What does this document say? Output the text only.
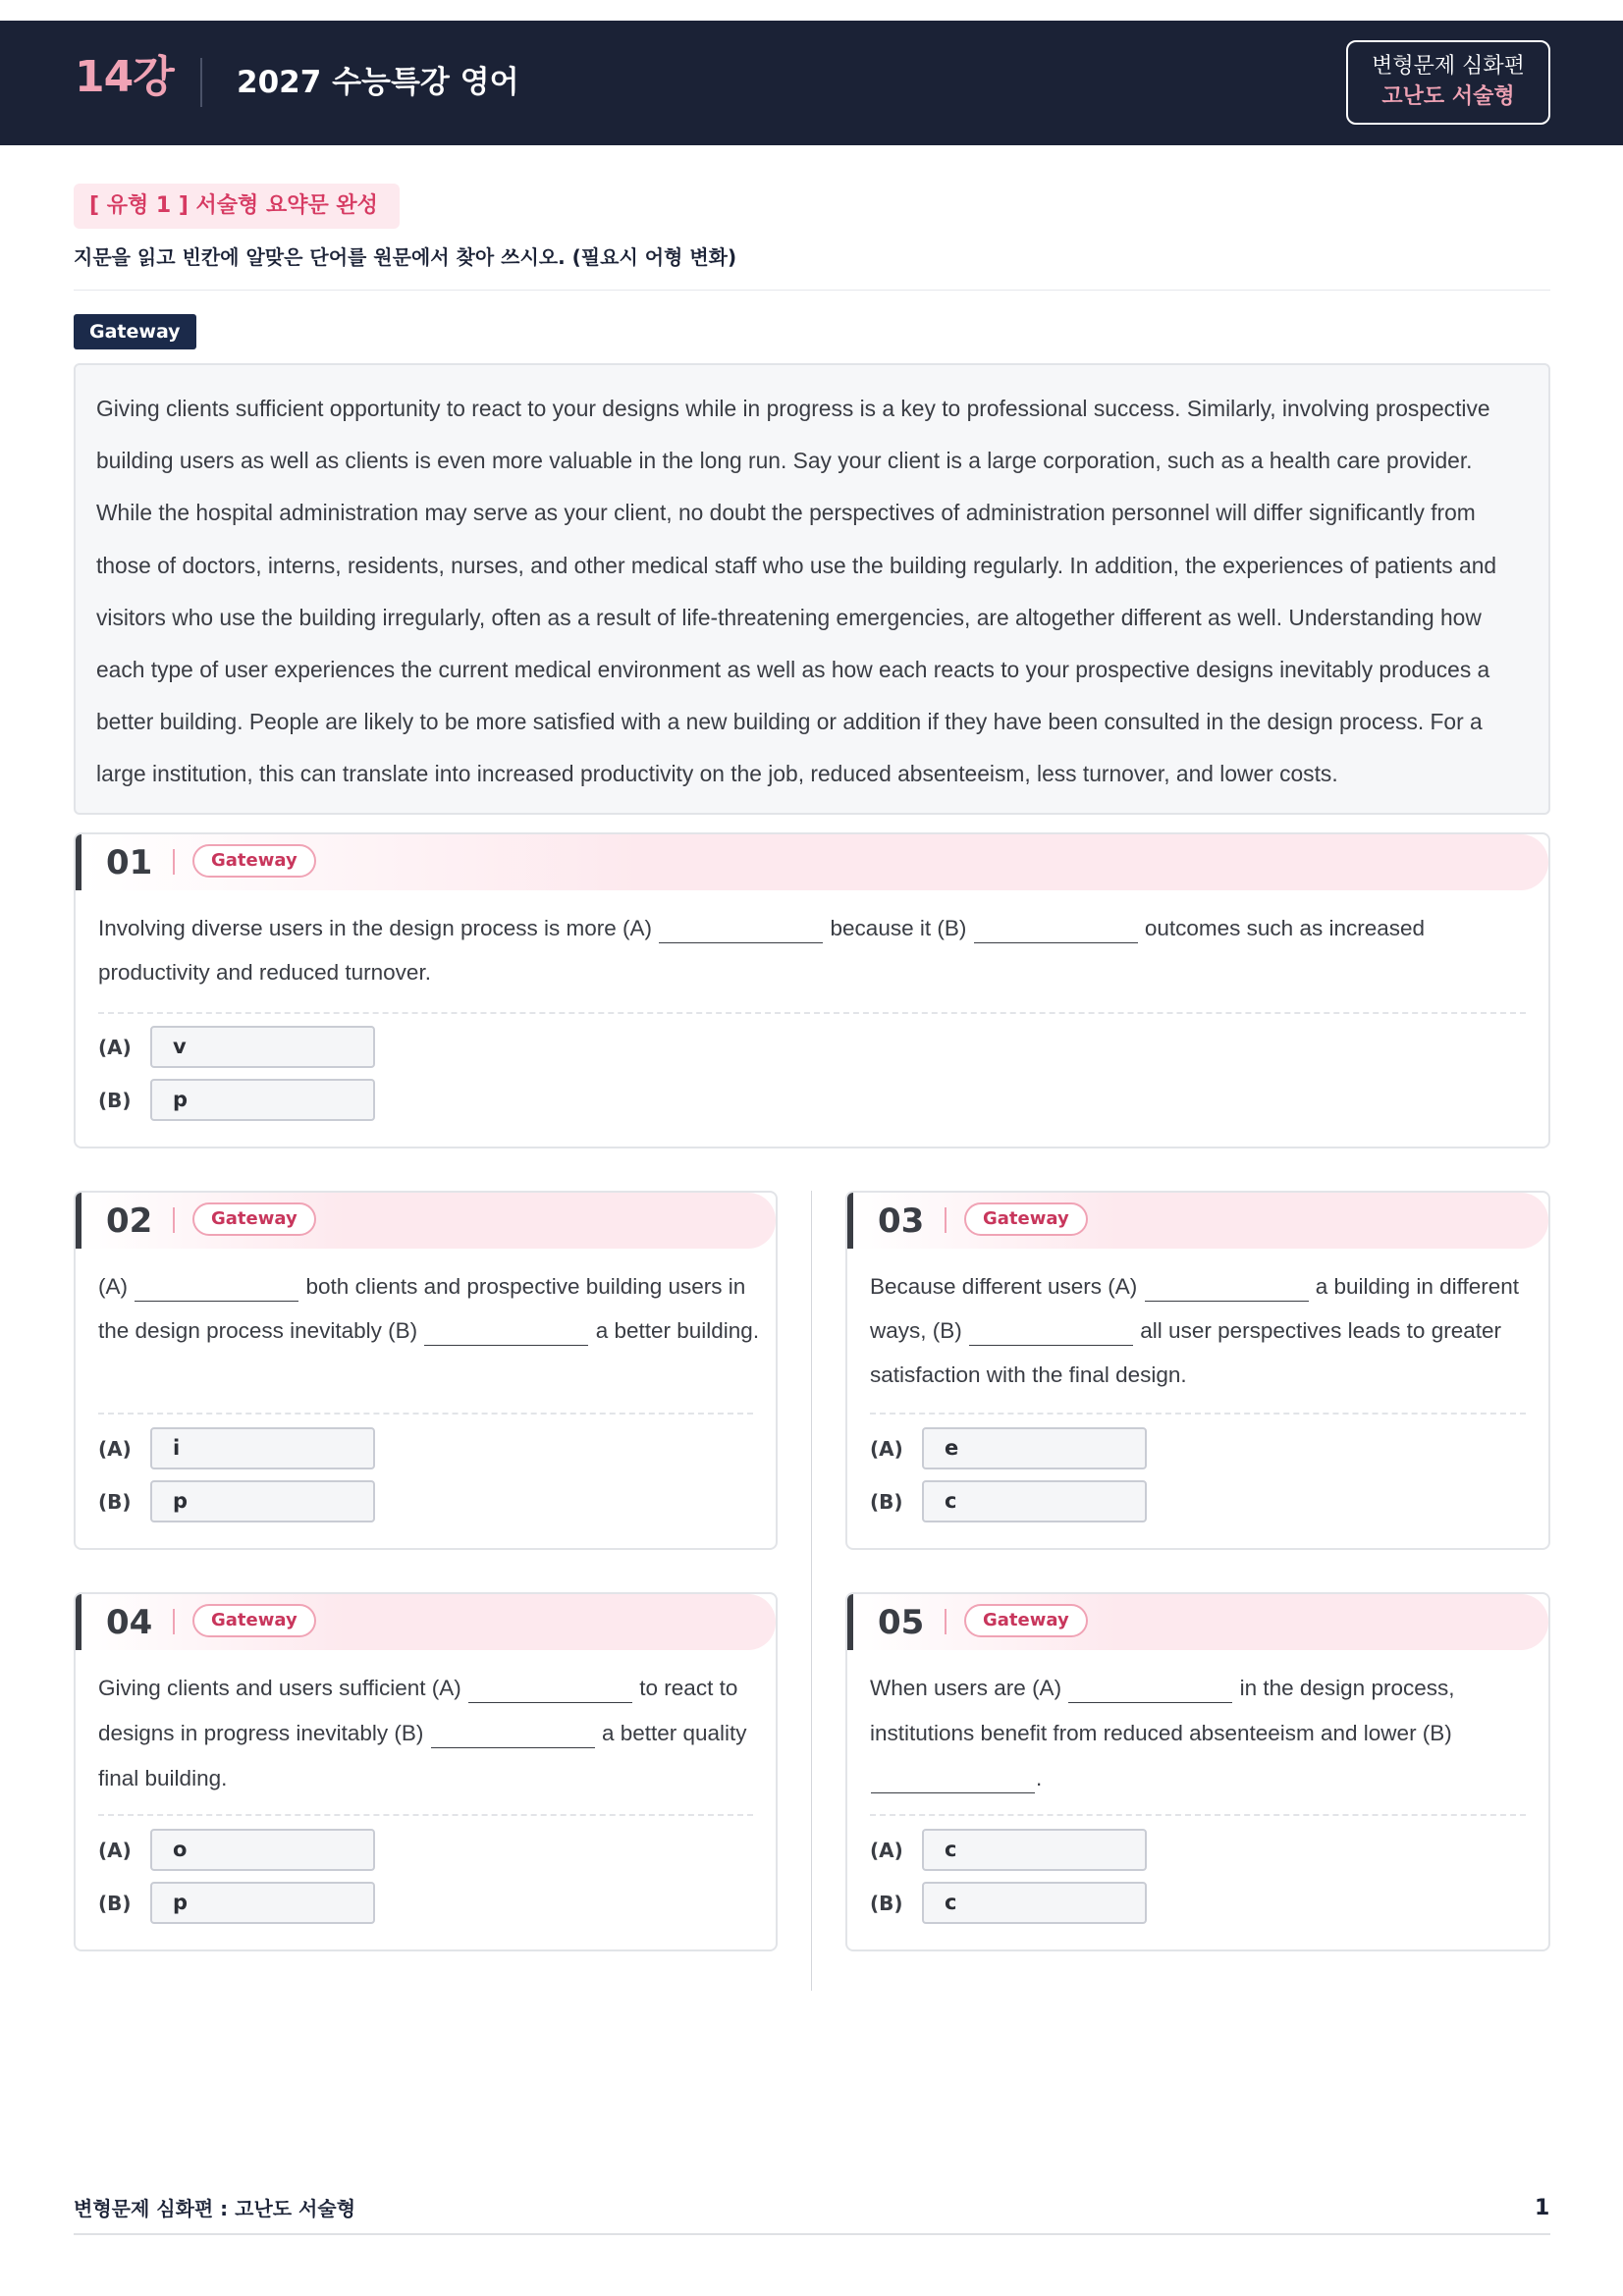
14강 2027 수능특강 영어	변형문제 심화편
고난도 서술형
[ 유형 1 ] 서술형 요약문 완성
지문을 읽고 빈칸에 알맞은 단어를 원문에서 찾아 쓰시오. (필요시 어형 변화)
Gateway
Giving clients sufficient opportunity to react to your designs while in progress is a key to professional success. Similarly, involving prospective building users as well as clients is even more valuable in the long run. Say your client is a large corporation, such as a health care provider. While the hospital administration may serve as your client, no doubt the perspectives of administration personnel will differ significantly from those of doctors, interns, residents, nurses, and other medical staff who use the building regularly. In addition, the experiences of patients and visitors who use the building irregularly, often as a result of life-threatening emergencies, are altogether different as well. Understanding how each type of user experiences the current medical environment as well as how each reacts to your prospective designs inevitably produces a better building. People are likely to be more satisfied with a new building or addition if they have been consulted in the design process. For a large institution, this can translate into increased productivity on the job, reduced absenteeism, less turnover, and lower costs.
01	Gateway
Involving diverse users in the design process is more (A)	because it (B)	outcomes such as increased productivity and reduced turnover.
(A)	v
(B)	p
02	Gateway
(A)	both clients and prospective building users in the design process inevitably (B)	a better building.
(A)	i
(B)	p
03	Gateway
Because different users (A)	a building in different ways, (B)	all user perspectives leads to greater satisfaction with the final design.
(A)	e
(B)	c
04	Gateway
Giving clients and users sufficient (A)	to react to designs in progress inevitably (B)	a better quality final building.
(A)	o
(B)	p
05	Gateway
When users are (A)	in the design process, institutions benefit from reduced absenteeism and lower (B) .
(A)	c
(B)	c
변형문제 심화편 : 고난도 서술형	1
